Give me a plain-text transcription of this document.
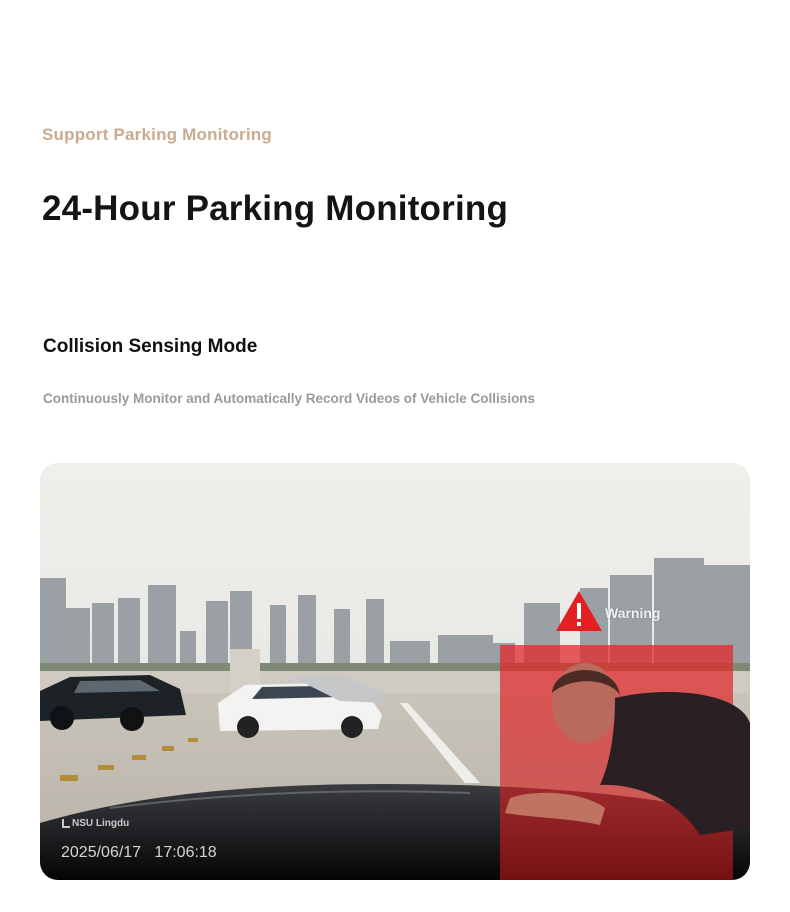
Support Parking Monitoring
24-Hour Parking Monitoring
Collision Sensing Mode
Continuously Monitor and Automatically Record Videos of Vehicle Collisions
Warning
NSU Lingdu
2025/06/17 17:06:18
